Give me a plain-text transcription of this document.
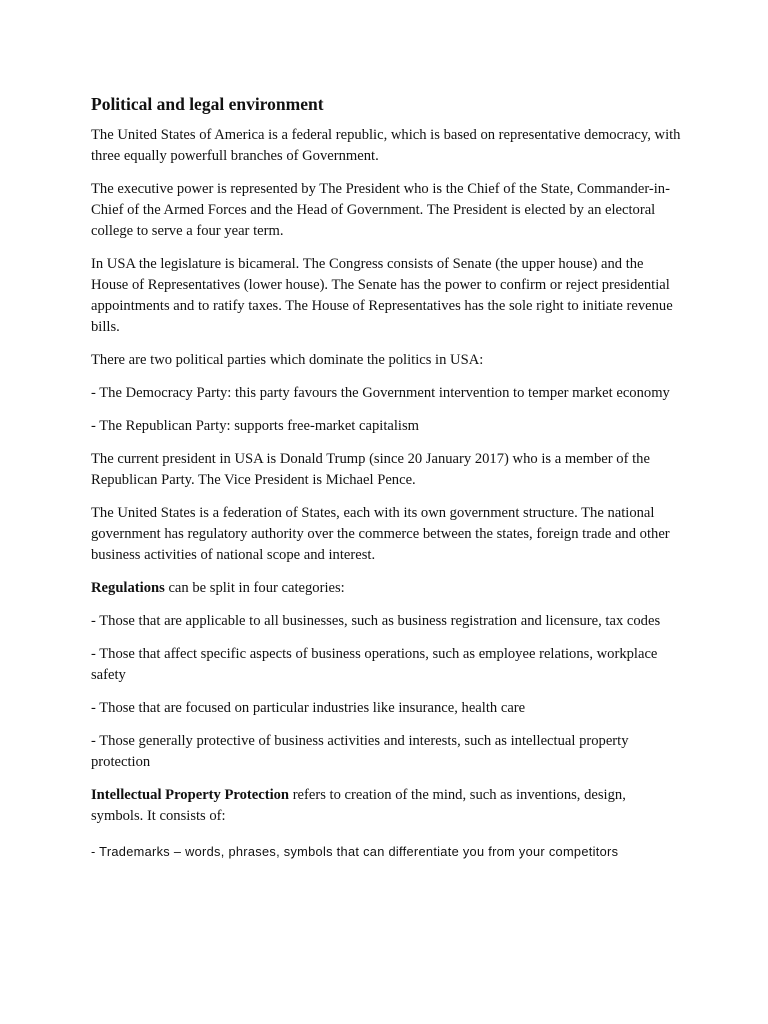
Political and legal environment

The United States of America is a federal republic, which is based on representative democracy, with three equally powerfull branches of Government.

The executive power is represented by The President who is the Chief of the State, Commander-in-Chief of the Armed Forces and the Head of Government. The President is elected by an electoral college to serve a four year term.

In USA the legislature is bicameral. The Congress consists of Senate (the upper house) and the House of Representatives (lower house). The Senate has the power to confirm or reject presidential appointments and to ratify taxes. The House of Representatives has the sole right to initiate revenue bills.

There are two political parties which dominate the politics in USA:

- The Democracy Party: this party favours the Government intervention to temper market economy

- The Republican Party: supports free-market capitalism

The current president in USA is Donald Trump (since 20 January 2017) who is a member of the Republican Party. The Vice President is Michael Pence.

The United States is a federation of States, each with its own government structure. The national government has regulatory authority over the commerce between the states, foreign trade and other business activities of national scope and interest.

Regulations can be split in four categories:

- Those that are applicable to all businesses, such as business registration and licensure, tax codes

- Those that affect specific aspects of business operations, such as employee relations, workplace safety

- Those that are focused on particular industries like insurance, health care

- Those generally protective of business activities and interests, such as intellectual property protection

Intellectual Property Protection refers to creation of the mind, such as inventions, design, symbols. It consists of:

- Trademarks – words, phrases, symbols that can differentiate you from your competitors
